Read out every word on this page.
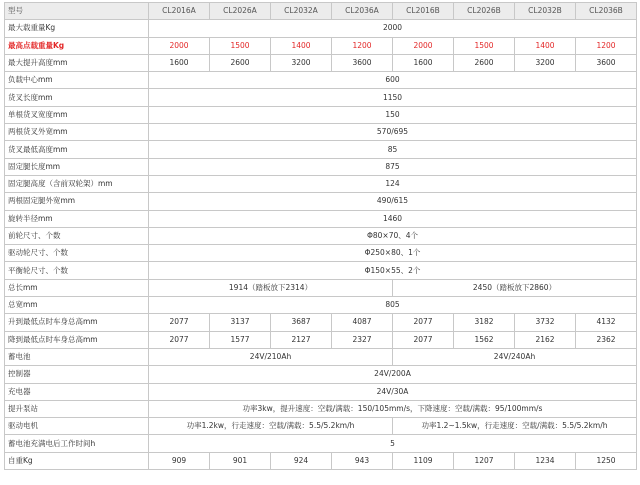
型号	CL2016A	CL2026A	CL2032A	CL2036A	CL2016B	CL2026B	CL2032B	CL2036B
最大载重量Kg	2000							
最高点载重量Kg	2000	1500	1400	1200	2000	1500	1400	1200
最大提升高度mm	1600	2600	3200	3600	1600	2600	3200	3600
负载中心mm	600							
货叉长度mm	1150							
单根货叉宽度mm	150							
两根货叉外宽mm	570/695							
货叉最低高度mm	85							
固定腿长度mm	875							
固定腿高度（含前双轮架）mm	124							
两根固定腿外宽mm	490/615							
旋转半径mm	1460							
前轮尺寸、个数	Φ80×70、4个							
驱动轮尺寸、个数	Φ250×80、1个							
平衡轮尺寸、个数	Φ150×55、2个							
总长mm	1914（踏板放下2314）				2450（踏板放下2860）			
总宽mm	805							
升到最低点时车身总高mm	2077	3137	3687	4087	2077	3182	3732	4132
降到最低点时车身总高mm	2077	1577	2127	2327	2077	1562	2162	2362
蓄电池	24V/210Ah				24V/240Ah			
控制器	24V/200A							
充电器	24V/30A							
提升泵站	功率3kw，提升速度：空载/满载：150/105mm/s，下降速度：空载/满载：95/100mm/s							
驱动电机	功率1.2kw，行走速度：空载/满载：5.5/5.2km/h				功率1.2~1.5kw，行走速度：空载/满载：5.5/5.2km/h			
蓄电池充满电后工作时间h	5							
自重Kg	909	901	924	943	1109	1207	1234	1250
